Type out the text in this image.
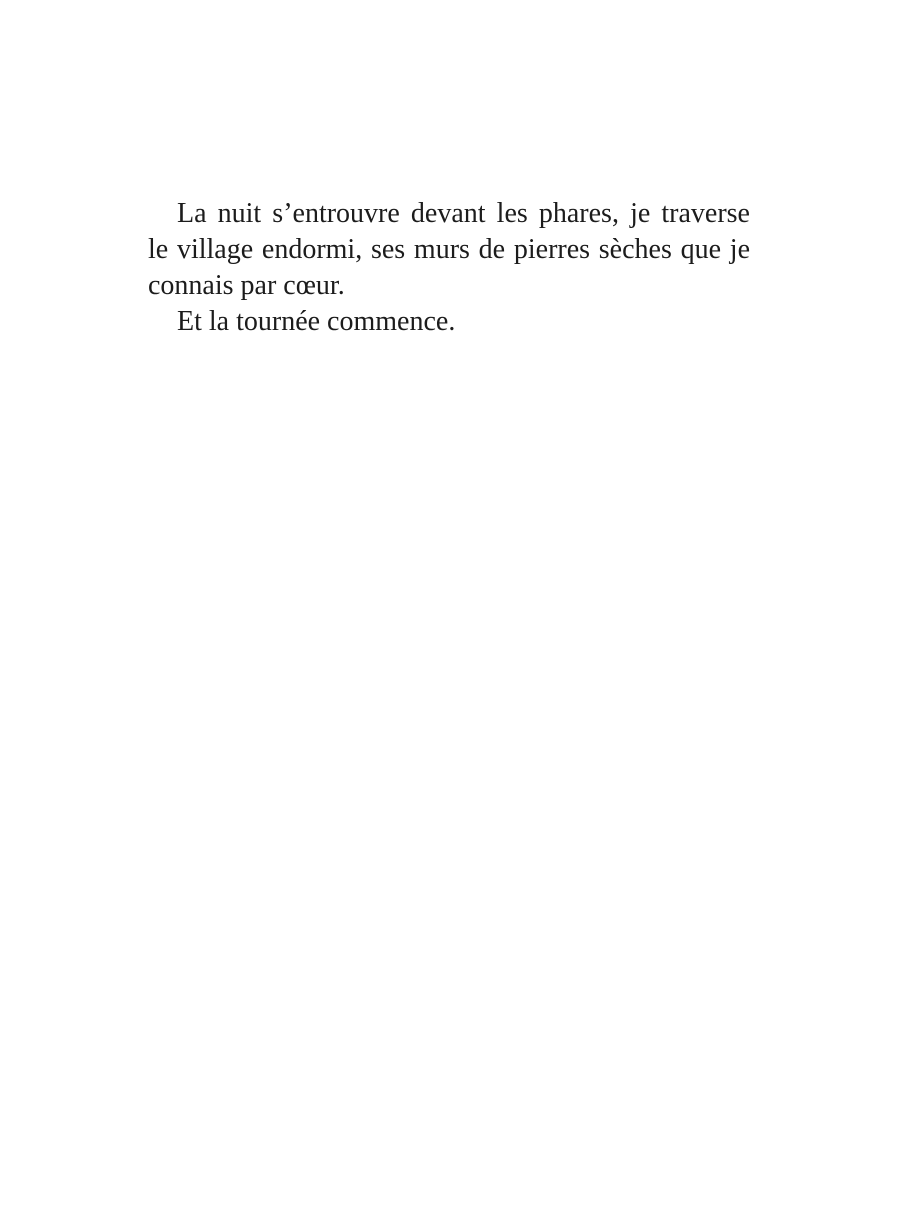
La nuit s’entrouvre devant les phares, je traverse
le village endormi, ses murs de pierres sèches que je
connais par cœur.

Et la tournée commence.
